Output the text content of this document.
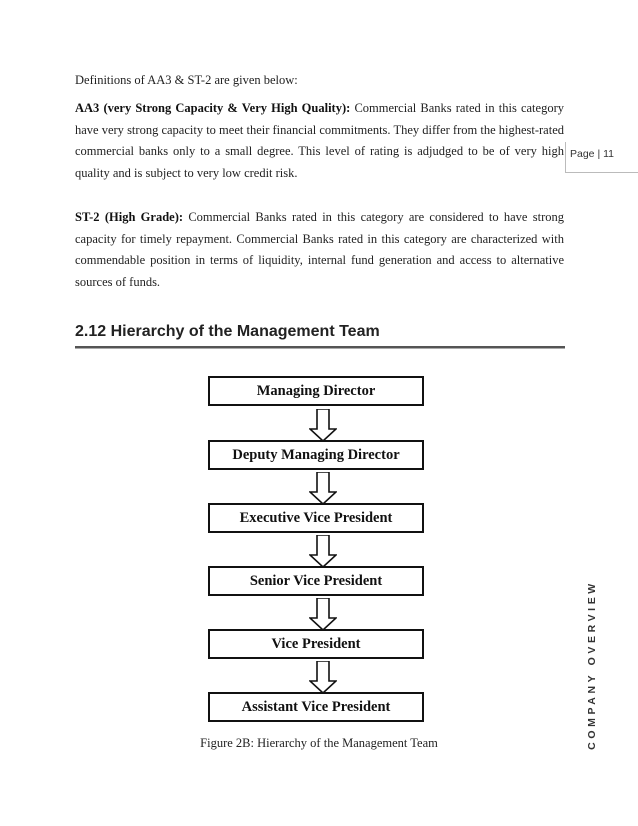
Definitions of AA3 & ST-2 are given below:
AA3 (very Strong Capacity & Very High Quality): Commercial Banks rated in this category have very strong capacity to meet their financial commitments. They differ from the highest-rated commercial banks only to a small degree. This level of rating is adjudged to be of very high quality and is subject to very low credit risk.
ST-2 (High Grade): Commercial Banks rated in this category are considered to have strong capacity for timely repayment. Commercial Banks rated in this category are characterized with commendable position in terms of liquidity, internal fund generation and access to alternative sources of funds.
Page | 11
COMPANY OVERVIEW
2.12 Hierarchy of the Management Team
Managing Director
Deputy Managing Director
Executive Vice President
Senior Vice President
Vice President
Assistant Vice President
Figure 2B: Hierarchy of the Management Team
